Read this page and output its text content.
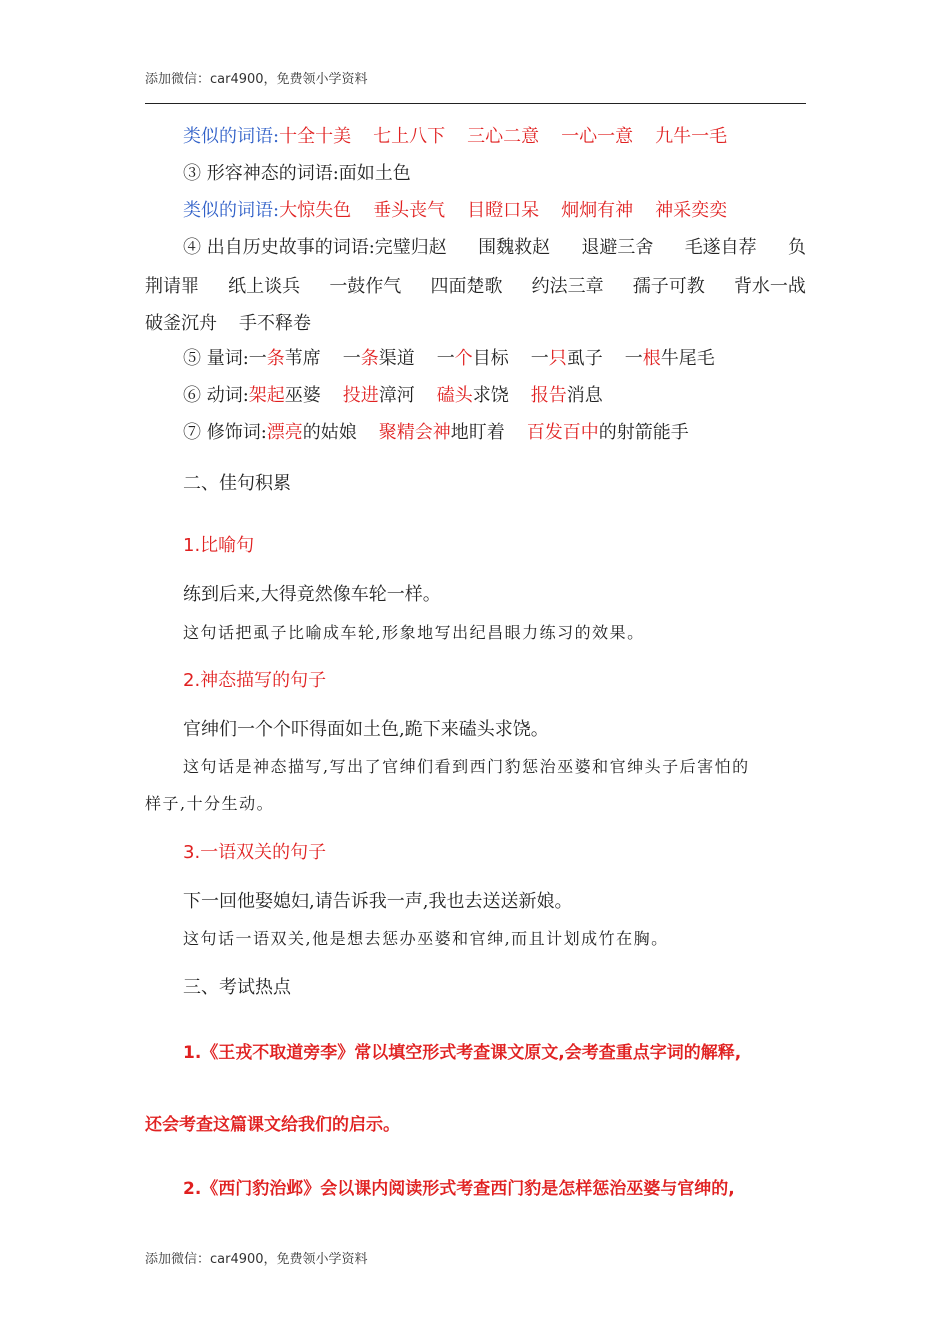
添加微信：car4900，免费领小学资料
类似的词语:十全十美 七上八下 三心二意 一心一意 九牛一毛
③ 形容神态的词语:面如土色
类似的词语:大惊失色 垂头丧气 目瞪口呆 炯炯有神 神采奕奕
④ 出自历史故事的词语:完璧归赵 围魏救赵 退避三舍 毛遂自荐 负
荆请罪 纸上谈兵 一鼓作气 四面楚歌 约法三章 孺子可教 背水一战
破釜沉舟 手不释卷
⑤ 量词:一条苇席 一条渠道 一个目标 一只虱子 一根牛尾毛
⑥ 动词:架起巫婆 投进漳河 磕头求饶 报告消息
⑦ 修饰词:漂亮的姑娘 聚精会神地盯着 百发百中的射箭能手
二、佳句积累
1.比喻句
练到后来,大得竟然像车轮一样。
这句话把虱子比喻成车轮,形象地写出纪昌眼力练习的效果。
2.神态描写的句子
官绅们一个个吓得面如土色,跪下来磕头求饶。
这句话是神态描写,写出了官绅们看到西门豹惩治巫婆和官绅头子后害怕的
样子,十分生动。
3.一语双关的句子
下一回他娶媳妇,请告诉我一声,我也去送送新娘。
这句话一语双关,他是想去惩办巫婆和官绅,而且计划成竹在胸。
三、考试热点
1.《王戎不取道旁李》常以填空形式考查课文原文,会考查重点字词的解释,
还会考查这篇课文给我们的启示。
2.《西门豹治邺》会以课内阅读形式考查西门豹是怎样惩治巫婆与官绅的,
添加微信：car4900，免费领小学资料
